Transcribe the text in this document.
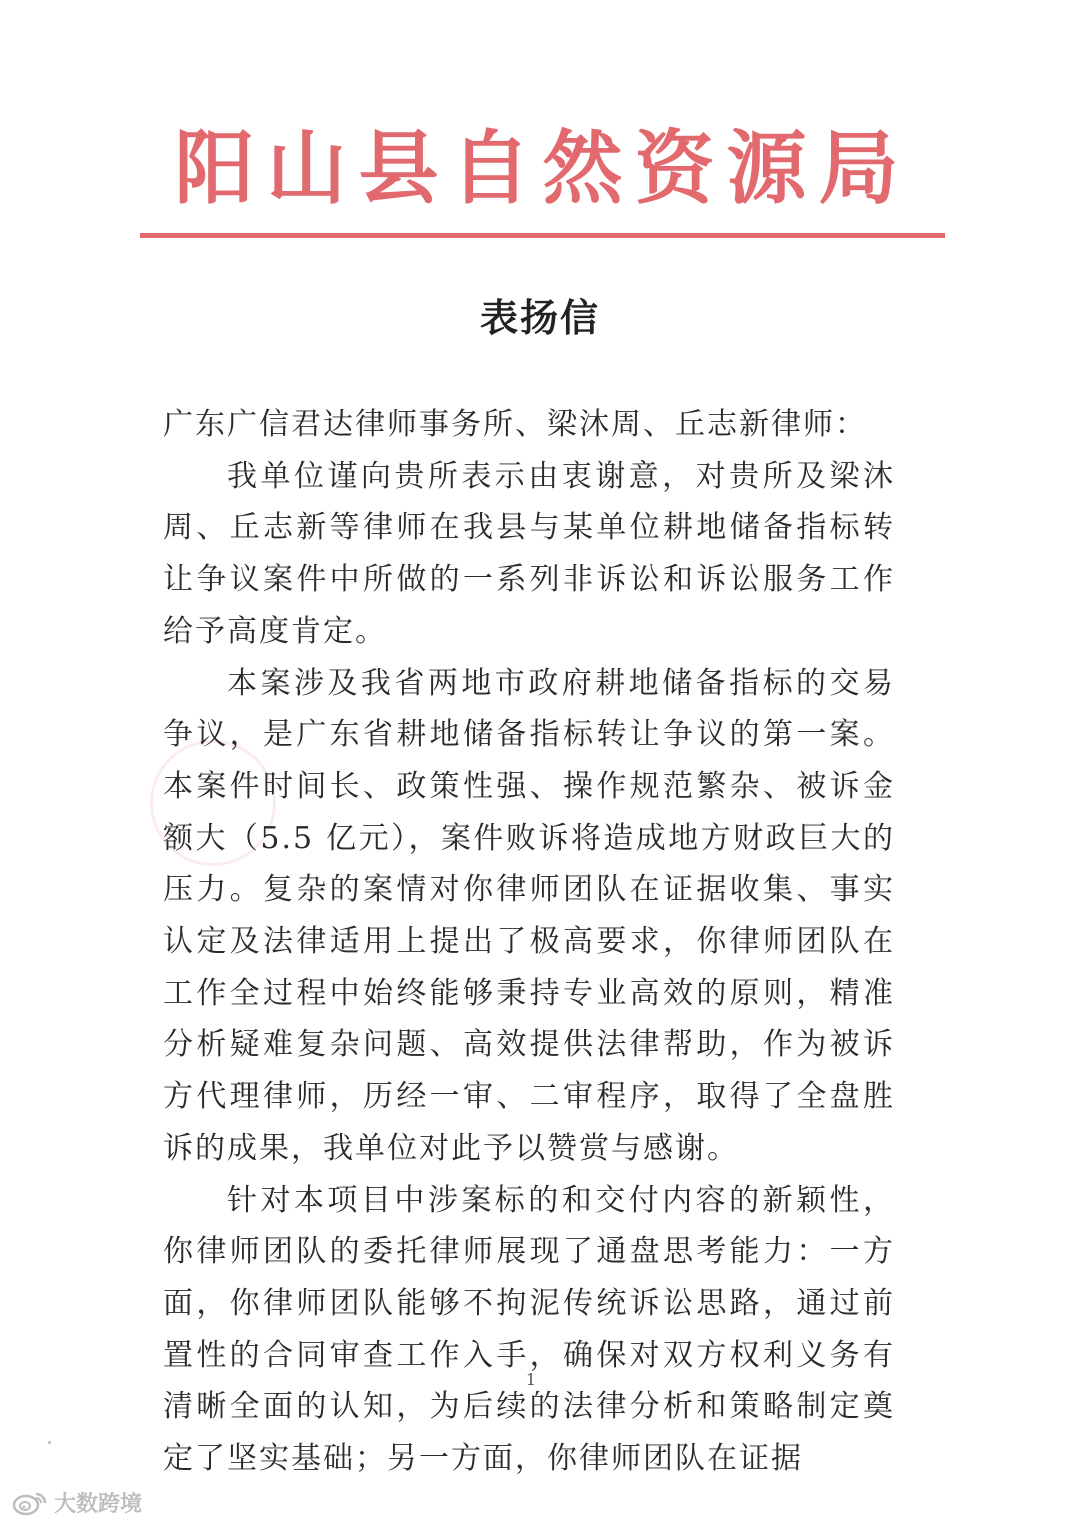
阳山县自然资源局
表扬信

广东广信君达律师事务所、梁沐周、丘志新律师：

我单位谨向贵所表示由衷谢意，对贵所及梁沐周、丘志新等律师在我县与某单位耕地储备指标转让争议案件中所做的一系列非诉讼和诉讼服务工作给予高度肯定。

本案涉及我省两地市政府耕地储备指标的交易争议，是广东省耕地储备指标转让争议的第一案。本案件时间长、政策性强、操作规范繁杂、被诉金额大（5.5 亿元），案件败诉将造成地方财政巨大的压力。复杂的案情对你律师团队在证据收集、事实认定及法律适用上提出了极高要求，你律师团队在工作全过程中始终能够秉持专业高效的原则，精准分析疑难复杂问题、高效提供法律帮助，作为被诉方代理律师，历经一审、二审程序，取得了全盘胜诉的成果，我单位对此予以赞赏与感谢。

针对本项目中涉案标的和交付内容的新颖性，你律师团队的委托律师展现了通盘思考能力：一方面，你律师团队能够不拘泥传统诉讼思路，通过前置性的合同审查工作入手，确保对双方权利义务有清晰全面的认知，为后续的法律分析和策略制定奠定了坚实基础；另一方面，你律师团队在证据

1
大数跨境
